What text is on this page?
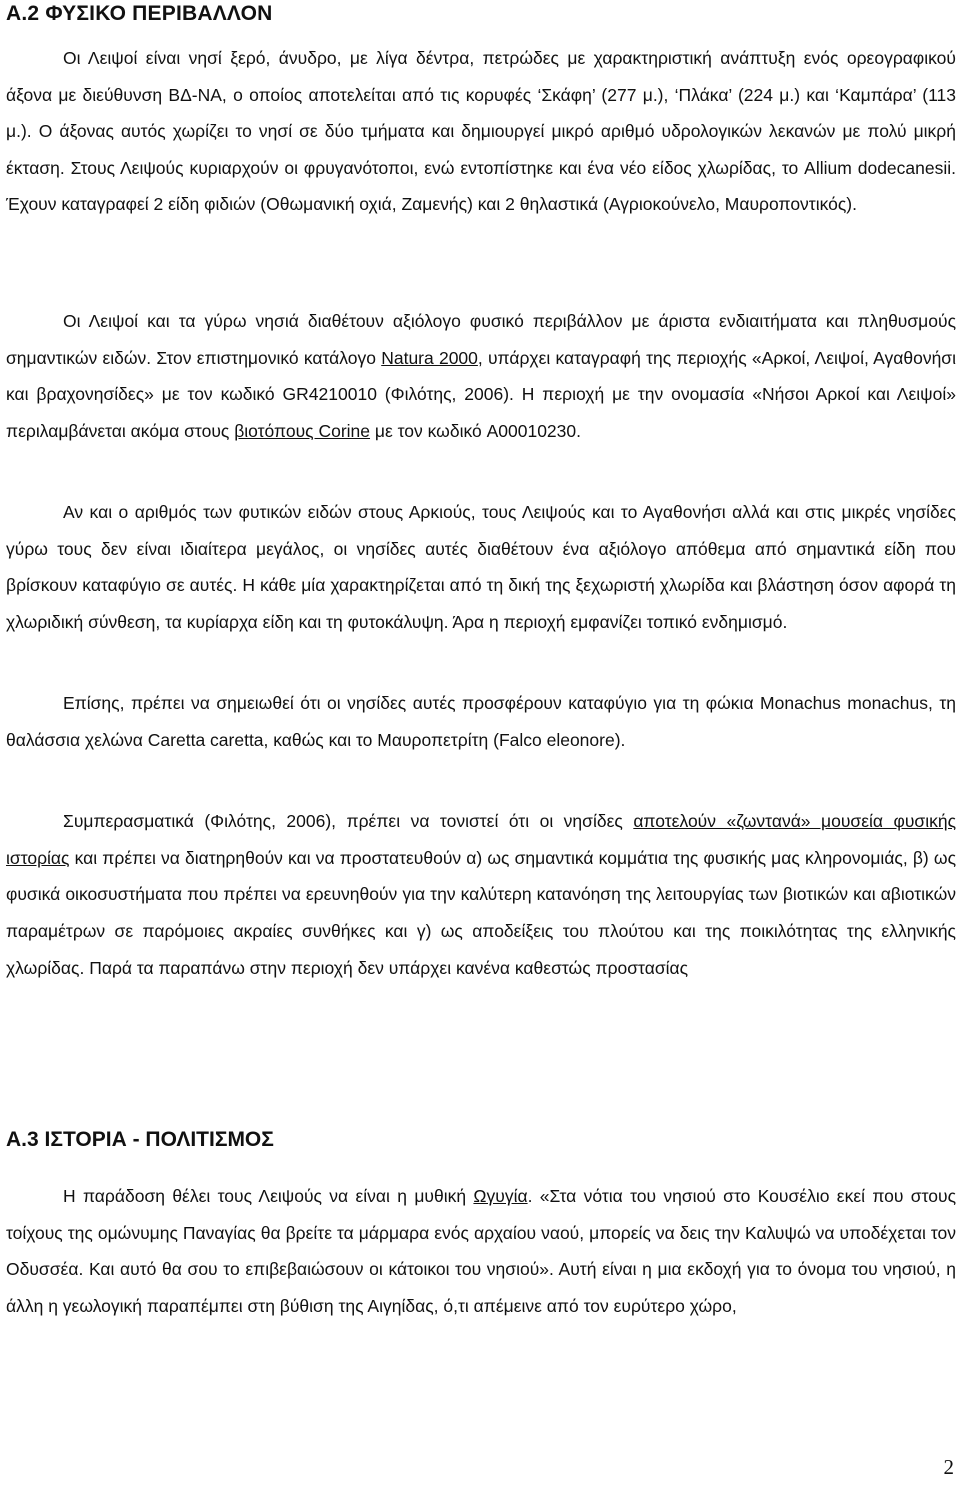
Α.2 ΦΥΣΙΚΟ ΠΕΡΙΒΑΛΛΟΝ

Οι Λειψοί είναι νησί ξερό, άνυδρο, με λίγα δέντρα, πετρώδες με χαρακτηριστική ανάπτυξη ενός ορεογραφικού άξονα με διεύθυνση ΒΔ-ΝΑ, ο οποίος αποτελείται από τις κορυφές ‘Σκάφη’ (277 μ.), ‘Πλάκα’ (224 μ.) και ‘Καμπάρα’ (113 μ.). Ο άξονας αυτός χωρίζει το νησί σε δύο τμήματα και δημιουργεί μικρό αριθμό υδρολογικών λεκανών με πολύ μικρή έκταση. Στους Λειψούς κυριαρχούν οι φρυγανότοποι, ενώ εντοπίστηκε και ένα νέο είδος χλωρίδας, το Allium dodecanesii. Έχουν καταγραφεί 2 είδη φιδιών (Οθωμανική οχιά, Ζαμενής) και 2 θηλαστικά (Αγριοκούνελο, Μαυροποντικός).

Οι Λειψοί και τα γύρω νησιά διαθέτουν αξιόλογο φυσικό περιβάλλον με άριστα ενδιαιτήματα και πληθυσμούς σημαντικών ειδών. Στον επιστημονικό κατάλογο Natura 2000, υπάρχει καταγραφή της περιοχής «Αρκοί, Λειψοί, Αγαθονήσι και βραχονησίδες» με τον κωδικό GR4210010 (Φιλότης, 2006). Η περιοχή με την ονομασία «Νήσοι Αρκοί και Λειψοί» περιλαμβάνεται ακόμα στους βιοτόπους Corine με τον κωδικό A00010230.

Αν και ο αριθμός των φυτικών ειδών στους Αρκιούς, τους Λειψούς και το Αγαθονήσι αλλά και στις μικρές νησίδες γύρω τους δεν είναι ιδιαίτερα μεγάλος, οι νησίδες αυτές διαθέτουν ένα αξιόλογο απόθεμα από σημαντικά είδη που βρίσκουν καταφύγιο σε αυτές. Η κάθε μία χαρακτηρίζεται από τη δική της ξεχωριστή χλωρίδα και βλάστηση όσον αφορά τη χλωριδική σύνθεση, τα κυρίαρχα είδη και τη φυτοκάλυψη. Άρα η περιοχή εμφανίζει τοπικό ενδημισμό.

Επίσης, πρέπει να σημειωθεί ότι οι νησίδες αυτές προσφέρουν καταφύγιο για τη φώκια Monachus monachus, τη θαλάσσια χελώνα Caretta caretta, καθώς και το Μαυροπετρίτη (Falco eleonore).

Συμπερασματικά (Φιλότης, 2006), πρέπει να τονιστεί ότι οι νησίδες αποτελούν «ζωντανά» μουσεία φυσικής ιστορίας και πρέπει να διατηρηθούν και να προστατευθούν α) ως σημαντικά κομμάτια της φυσικής μας κληρονομιάς, β) ως φυσικά οικοσυστήματα που πρέπει να ερευνηθούν για την καλύτερη κατανόηση της λειτουργίας των βιοτικών και αβιοτικών παραμέτρων σε παρόμοιες ακραίες συνθήκες και γ) ως αποδείξεις του πλούτου και της ποικιλότητας της ελληνικής χλωρίδας. Παρά τα παραπάνω στην περιοχή δεν υπάρχει κανένα καθεστώς προστασίας

Α.3 ΙΣΤΟΡΙΑ - ΠΟΛΙΤΙΣΜΟΣ

Η παράδοση θέλει τους Λειψούς να είναι η μυθική Ωγυγία. «Στα νότια του νησιού στο Κουσέλιο εκεί που στους τοίχους της ομώνυμης Παναγίας θα βρείτε τα μάρμαρα ενός αρχαίου ναού, μπορείς να δεις την Καλυψώ να υποδέχεται τον Οδυσσέα. Και αυτό θα σου το επιβεβαιώσουν οι κάτοικοι του νησιού». Αυτή είναι η μια εκδοχή για το όνομα του νησιού, η άλλη η γεωλογική παραπέμπει στη βύθιση της Αιγηίδας, ό,τι απέμεινε από τον ευρύτερο χώρο,

2
